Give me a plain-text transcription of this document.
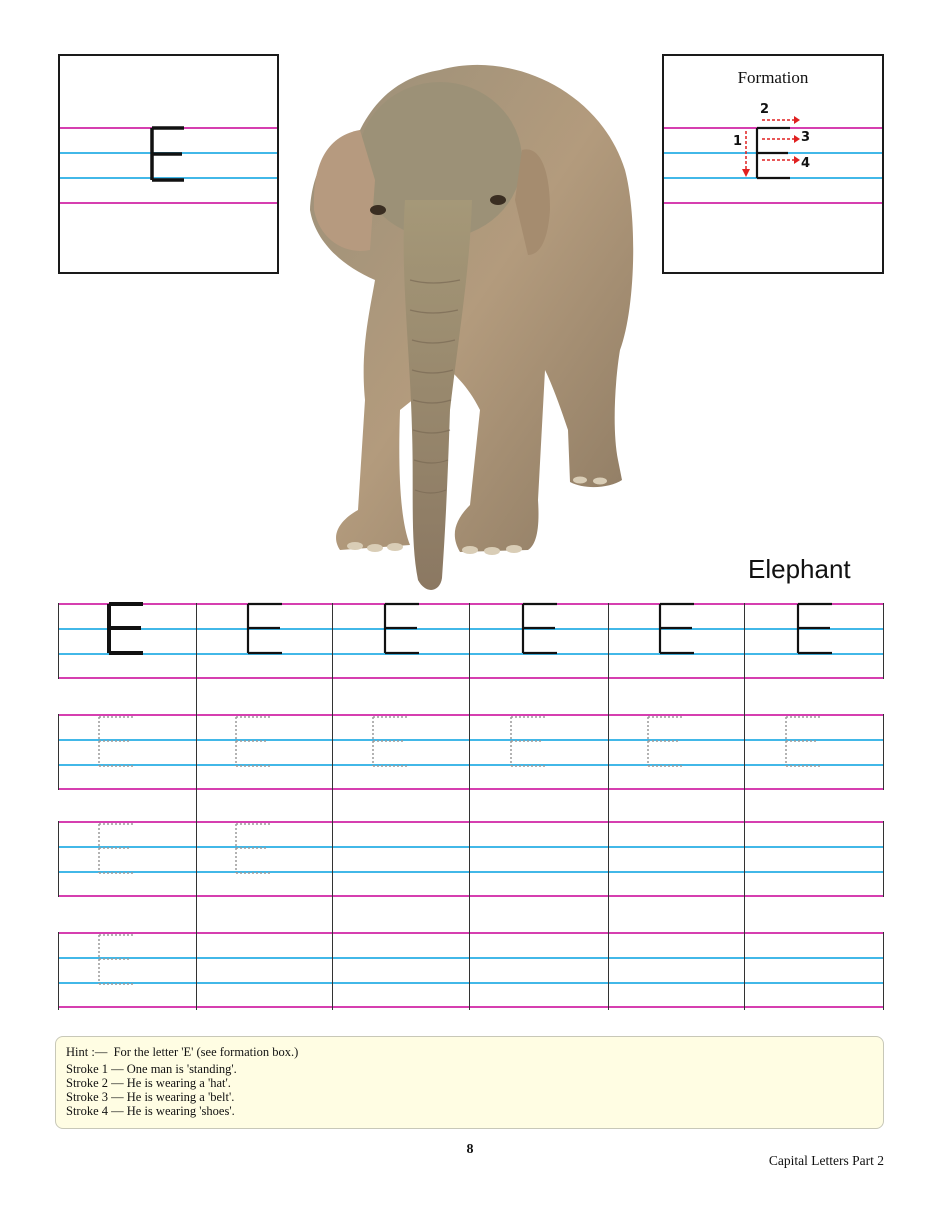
Formation
1
2
3
4
Elephant
Hint :—  For the letter 'E' (see formation box.)
Stroke 1 — One man is 'standing'.
Stroke 2 — He is wearing a 'hat'.
Stroke 3 — He is wearing a 'belt'.
Stroke 4 — He is wearing 'shoes'.
8
Capital Letters Part 2
